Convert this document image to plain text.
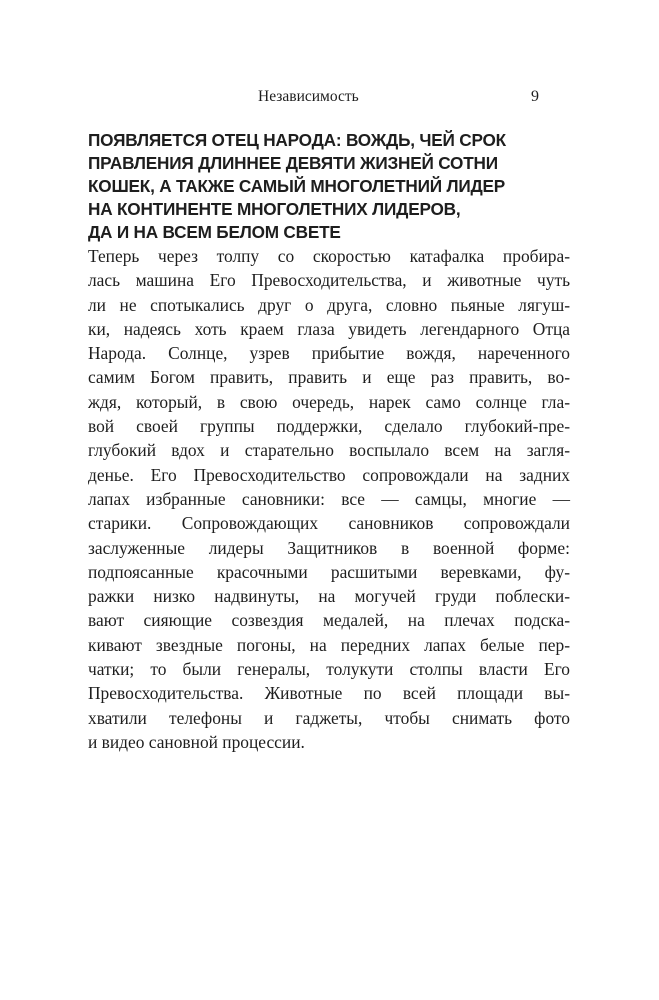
Независимость	9
ПОЯВЛЯЕТСЯ ОТЕЦ НАРОДА: ВОЖДЬ, ЧЕЙ СРОК
ПРАВЛЕНИЯ ДЛИННЕЕ ДЕВЯТИ ЖИЗНЕЙ СОТНИ
КОШЕК, А ТАКЖЕ САМЫЙ МНОГОЛЕТНИЙ ЛИДЕР
НА КОНТИНЕНТЕ МНОГОЛЕТНИХ ЛИДЕРОВ,
ДА И НА ВСЕМ БЕЛОМ СВЕТЕ
Теперь через толпу со скоростью катафалка пробира-
лась машина Его Превосходительства, и животные чуть
ли не спотыкались друг о друга, словно пьяные лягуш-
ки, надеясь хоть краем глаза увидеть легендарного Отца
Народа. Солнце, узрев прибытие вождя, нареченного
самим Богом править, править и еще раз править, во-
ждя, который, в свою очередь, нарек само солнце гла-
вой своей группы поддержки, сделало глубокий-пре-
глубокий вдох и старательно воспылало всем на загля-
денье. Его Превосходительство сопровождали на задних
лапах избранные сановники: все — самцы, многие —
старики. Сопровождающих сановников сопровождали
заслуженные лидеры Защитников в военной форме:
подпоясанные красочными расшитыми веревками, фу-
ражки низко надвинуты, на могучей груди поблески-
вают сияющие созвездия медалей, на плечах подска-
кивают звездные погоны, на передних лапах белые пер-
чатки; то были генералы, толукути столпы власти Его
Превосходительства. Животные по всей площади вы-
хватили телефоны и гаджеты, чтобы снимать фото
и видео сановной процессии.
